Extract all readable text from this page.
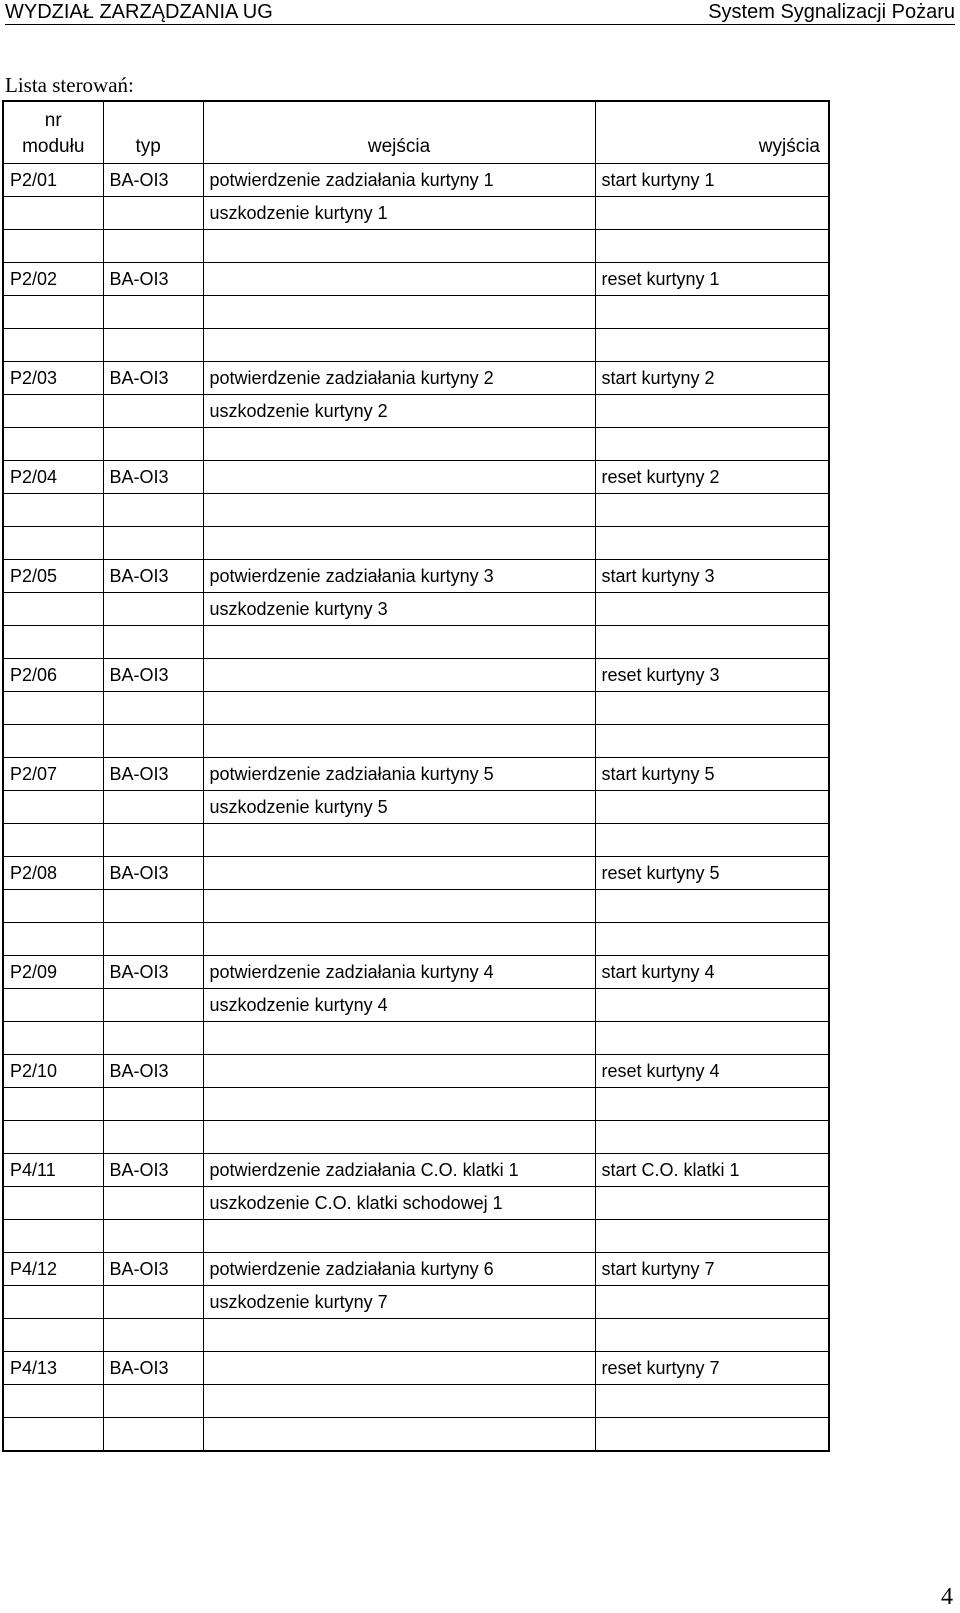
WYDZIAŁ ZARZĄDZANIA UG	System Sygnalizacji Pożaru
Lista sterowań:
nr
modułu	typ	wejścia	wyjścia
P2/01	BA-OI3	potwierdzenie zadziałania kurtyny 1	start kurtyny 1
		uszkodzenie kurtyny 1	

P2/02	BA-OI3		reset kurtyny 1

P2/03	BA-OI3	potwierdzenie zadziałania kurtyny 2	start kurtyny 2
		uszkodzenie kurtyny 2	

P2/04	BA-OI3		reset kurtyny 2

P2/05	BA-OI3	potwierdzenie zadziałania kurtyny 3	start kurtyny 3
		uszkodzenie kurtyny 3	

P2/06	BA-OI3		reset kurtyny 3

P2/07	BA-OI3	potwierdzenie zadziałania kurtyny 5	start kurtyny 5
		uszkodzenie kurtyny 5	

P2/08	BA-OI3		reset kurtyny 5

P2/09	BA-OI3	potwierdzenie zadziałania kurtyny 4	start kurtyny 4
		uszkodzenie kurtyny 4	

P2/10	BA-OI3		reset kurtyny 4

P4/11	BA-OI3	potwierdzenie zadziałania C.O. klatki 1	start C.O. klatki 1
		uszkodzenie C.O. klatki schodowej 1	

P4/12	BA-OI3	potwierdzenie zadziałania kurtyny 6	start kurtyny 7
		uszkodzenie kurtyny 7	

P4/13	BA-OI3		reset kurtyny 7

4
